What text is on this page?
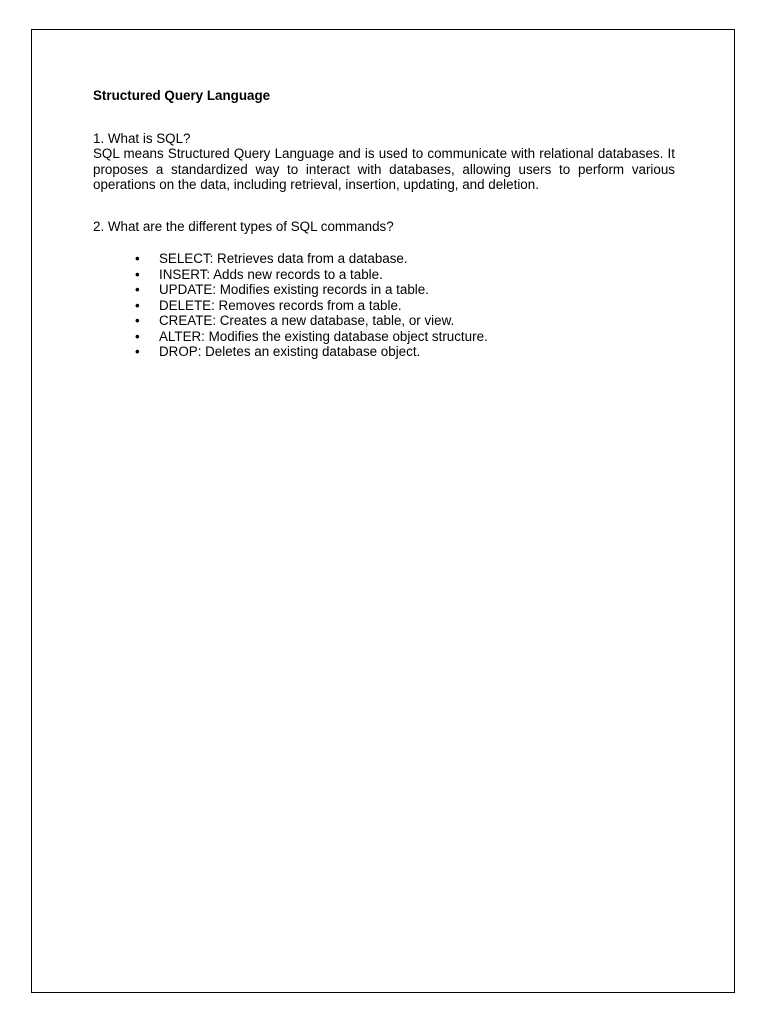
Structured Query Language

1. What is SQL?

SQL means Structured Query Language and is used to communicate with relational databases. It proposes a standardized way to interact with databases, allowing users to perform various operations on the data, including retrieval, insertion, updating, and deletion.

2. What are the different types of SQL commands?

• SELECT: Retrieves data from a database.
• INSERT: Adds new records to a table.
• UPDATE: Modifies existing records in a table.
• DELETE: Removes records from a table.
• CREATE: Creates a new database, table, or view.
• ALTER: Modifies the existing database object structure.
• DROP: Deletes an existing database object.
